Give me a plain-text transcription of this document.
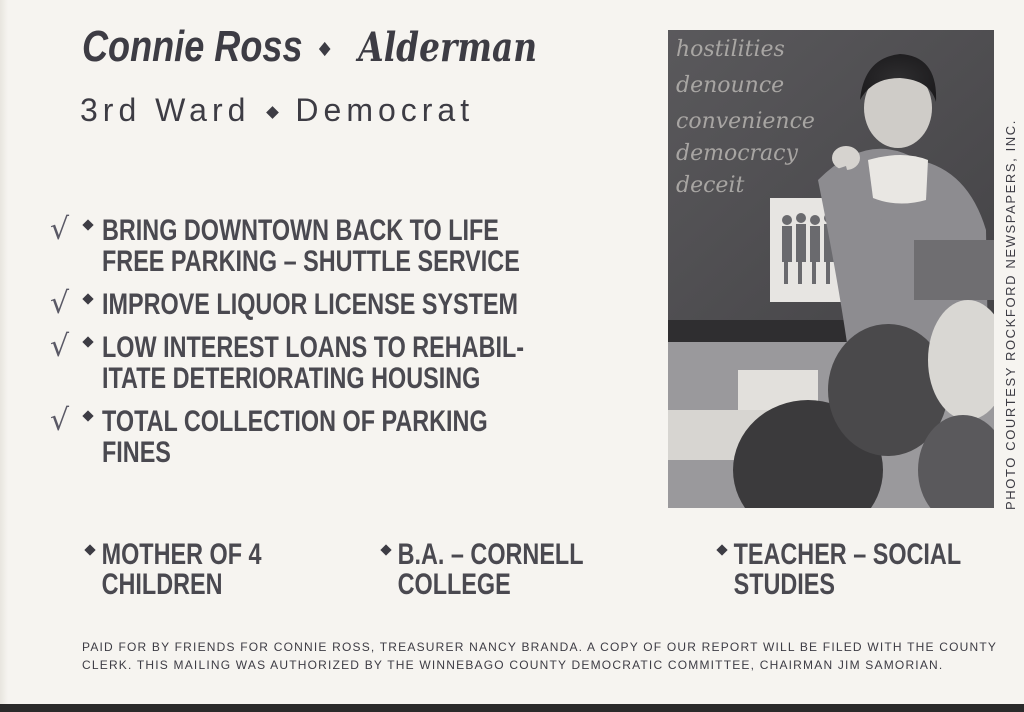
Connie Ross Alderman
3rd Ward Democrat
√ BRING DOWNTOWN BACK TO LIFE
FREE PARKING – SHUTTLE SERVICE
√ IMPROVE LIQUOR LICENSE SYSTEM
√ LOW INTEREST LOANS TO REHABIL-
ITATE DETERIORATING HOUSING
√ TOTAL COLLECTION OF PARKING
FINES
hostilities
denounce
convenience
democracy
deceit	PHOTO COURTESY ROCKFORD NEWSPAPERS, INC.
MOTHER OF 4
CHILDREN
B.A. – CORNELL
COLLEGE
TEACHER – SOCIAL
STUDIES
PAID FOR BY FRIENDS FOR CONNIE ROSS, TREASURER NANCY BRANDA. A COPY OF OUR REPORT WILL BE FILED WITH THE COUNTY CLERK. THIS MAILING WAS AUTHORIZED BY THE WINNEBAGO COUNTY DEMOCRATIC COMMITTEE, CHAIRMAN JIM SAMORIAN.
